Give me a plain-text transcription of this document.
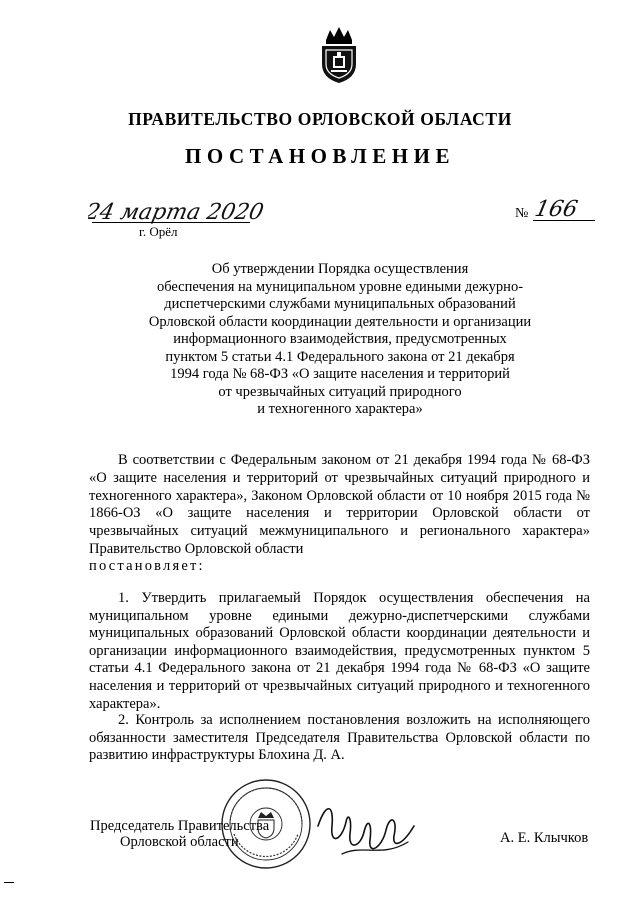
ПРАВИТЕЛЬСТВО ОРЛОВСКОЙ ОБЛАСТИ
ПОСТАНОВЛЕНИЕ
24 марта 2020
г. Орёл
№ 166
Об утверждении Порядка осуществления
обеспечения на муниципальном уровне едиными дежурно-
диспетчерскими службами муниципальных образований
Орловской области координации деятельности и организации
информационного взаимодействия, предусмотренных
пунктом 5 статьи 4.1 Федерального закона от 21 декабря
1994 года № 68-ФЗ «О защите населения и территорий
от чрезвычайных ситуаций природного
и техногенного характера»

В соответствии с Федеральным законом от 21 декабря 1994 года № 68-ФЗ «О защите населения и территорий от чрезвычайных ситуаций природного и техногенного характера», Законом Орловской области от 10 ноября 2015 года № 1866-ОЗ «О защите населения и территории Орловской области от чрезвычайных ситуаций межмуниципального и регионального характера» Правительство Орловской области

постановляет:

1. Утвердить прилагаемый Порядок осуществления обеспечения на муниципальном уровне едиными дежурно-диспетчерскими службами муниципальных образований Орловской области координации деятельности и организации информационного взаимодействия, предусмотренных пунктом 5 статьи 4.1 Федерального закона от 21 декабря 1994 года № 68-ФЗ «О защите населения и территорий от чрезвычайных ситуаций природного и техногенного характера».

2. Контроль за исполнением постановления возложить на исполняющего обязанности заместителя Председателя Правительства Орловской области по развитию инфраструктуры Блохина Д. А.

Председатель Правительства
Орловской области	А. Е. Клычков
